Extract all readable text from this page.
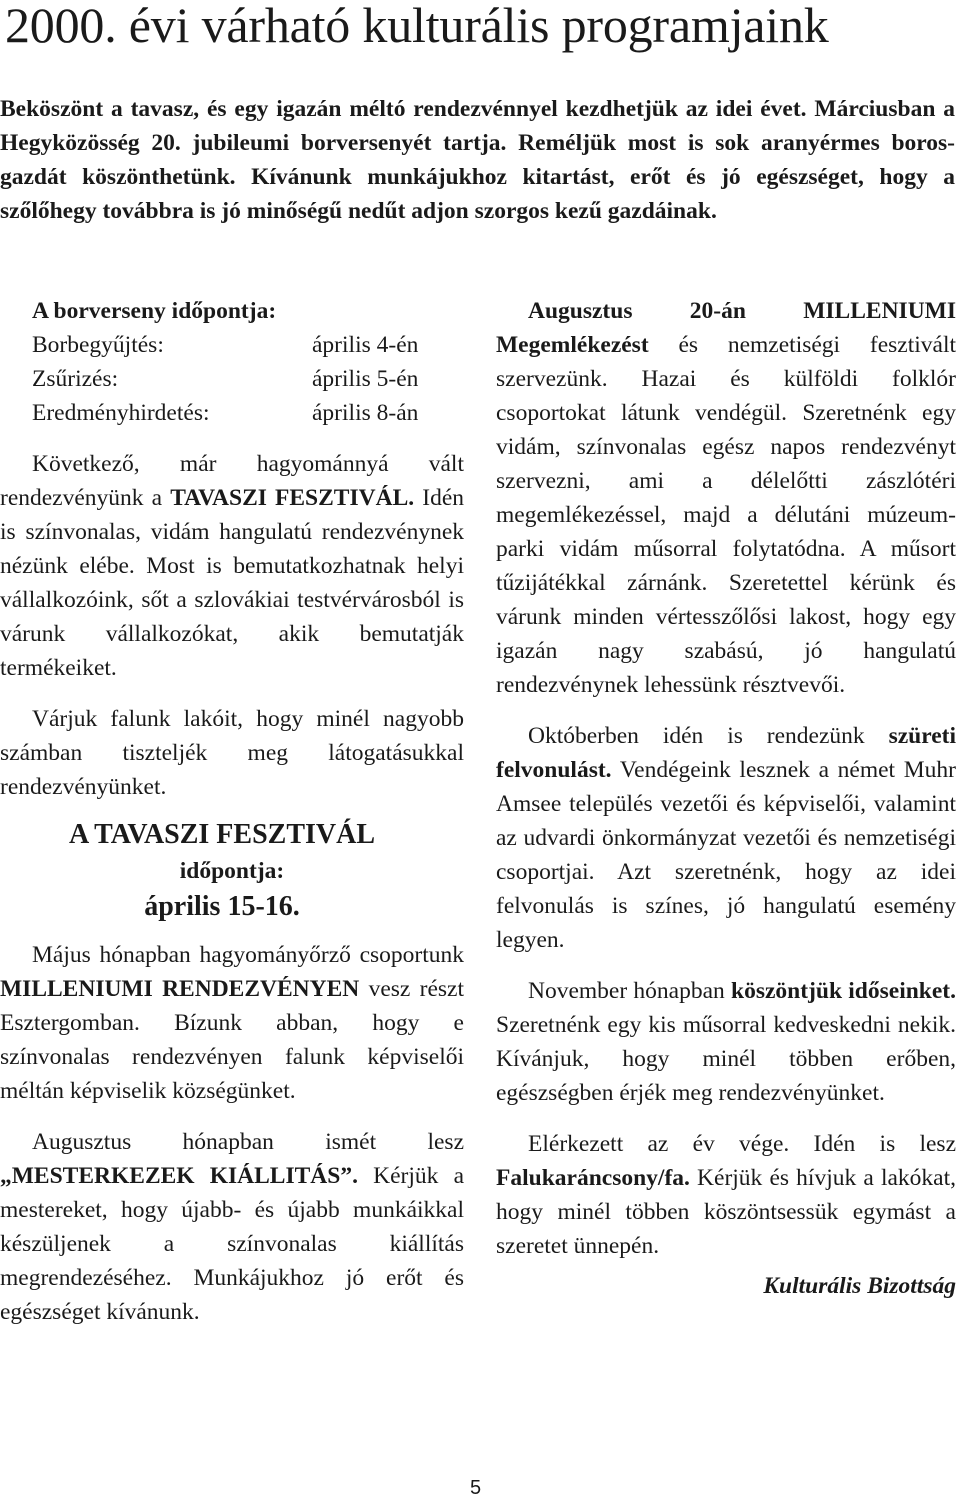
2000. évi várható kulturális programjaink
Beköszönt a tavasz, és egy igazán méltó rendezvénnyel kezdhetjük az idei évet. Márciusban a Hegyközösség 20. jubileumi borversenyét tartja. Reméljük most is sok aranyérmes boros-gazdát köszönthetünk. Kívánunk munkájukhoz kitartást, erőt és jó egészséget, hogy a szőlőhegy továbbra is jó minőségű nedűt adjon szorgos kezű gazdáinak.

A borverseny időpontja:

Borbegyűjtés:	április 4-én
Zsűrizés:	április 5-én
Eredményhirdetés:	április 8-án

Következő, már hagyománnyá vált rendezvényünk a TAVASZI FESZTIVÁL. Idén is színvonalas, vidám hangulatú rendezvénynek nézünk elébe. Most is bemutatkozhatnak helyi vállalkozóink, sőt a szlovákiai testvérvárosból is várunk vállalkozókat, akik bemutatják termékeiket.

Várjuk falunk lakóit, hogy minél nagyobb számban tiszteljék meg látogatásukkal rendezvényünket.

A TAVASZI FESZTIVÁL
időpontja:
április 15-16.

Május hónapban hagyományőrző csoportunk MILLENIUMI RENDEZVÉNYEN vesz részt Esztergomban. Bízunk abban, hogy e színvonalas rendezvényen falunk képviselői méltán képviselik községünket.

Augusztus hónapban ismét lesz „MESTERKEZEK KIÁLLITÁS”. Kérjük a mestereket, hogy újabb- és újabb munkáikkal készüljenek a színvonalas kiállítás megrendezéséhez. Munkájukhoz jó erőt és egészséget kívánunk.

Augusztus 20-án MILLENIUMI Megemlékezést és nemzetiségi fesztivált szervezünk. Hazai és külföldi folklór csoportokat látunk vendégül. Szeretnénk egy vidám, színvonalas egész napos rendezvényt szervezni, ami a délelőtti zászlótéri megemlékezéssel, majd a délutáni múzeum-parki vidám műsorral folytatódna. A műsort tűzijátékkal zárnánk. Szeretettel kérünk és várunk minden vértesszőlősi lakost, hogy egy igazán nagy szabású, jó hangulatú rendezvénynek lehessünk résztvevői.

Októberben idén is rendezünk szüreti felvonulást. Vendégeink lesznek a német Muhr Amsee település vezetői és képviselői, valamint az udvardi önkormányzat vezetői és nemzetiségi csoportjai. Azt szeretnénk, hogy az idei felvonulás is színes, jó hangulatú esemény legyen.

November hónapban köszöntjük időseinket. Szeretnénk egy kis műsorral kedveskedni nekik. Kívánjuk, hogy minél többen erőben, egészségben érjék meg rendezvényünket.

Elérkezett az év vége. Idén is lesz Falukaráncsony/fa. Kérjük és hívjuk a lakókat, hogy minél többen köszöntsessük egymást a szeretet ünnepén.

Kulturális Bizottság
5
